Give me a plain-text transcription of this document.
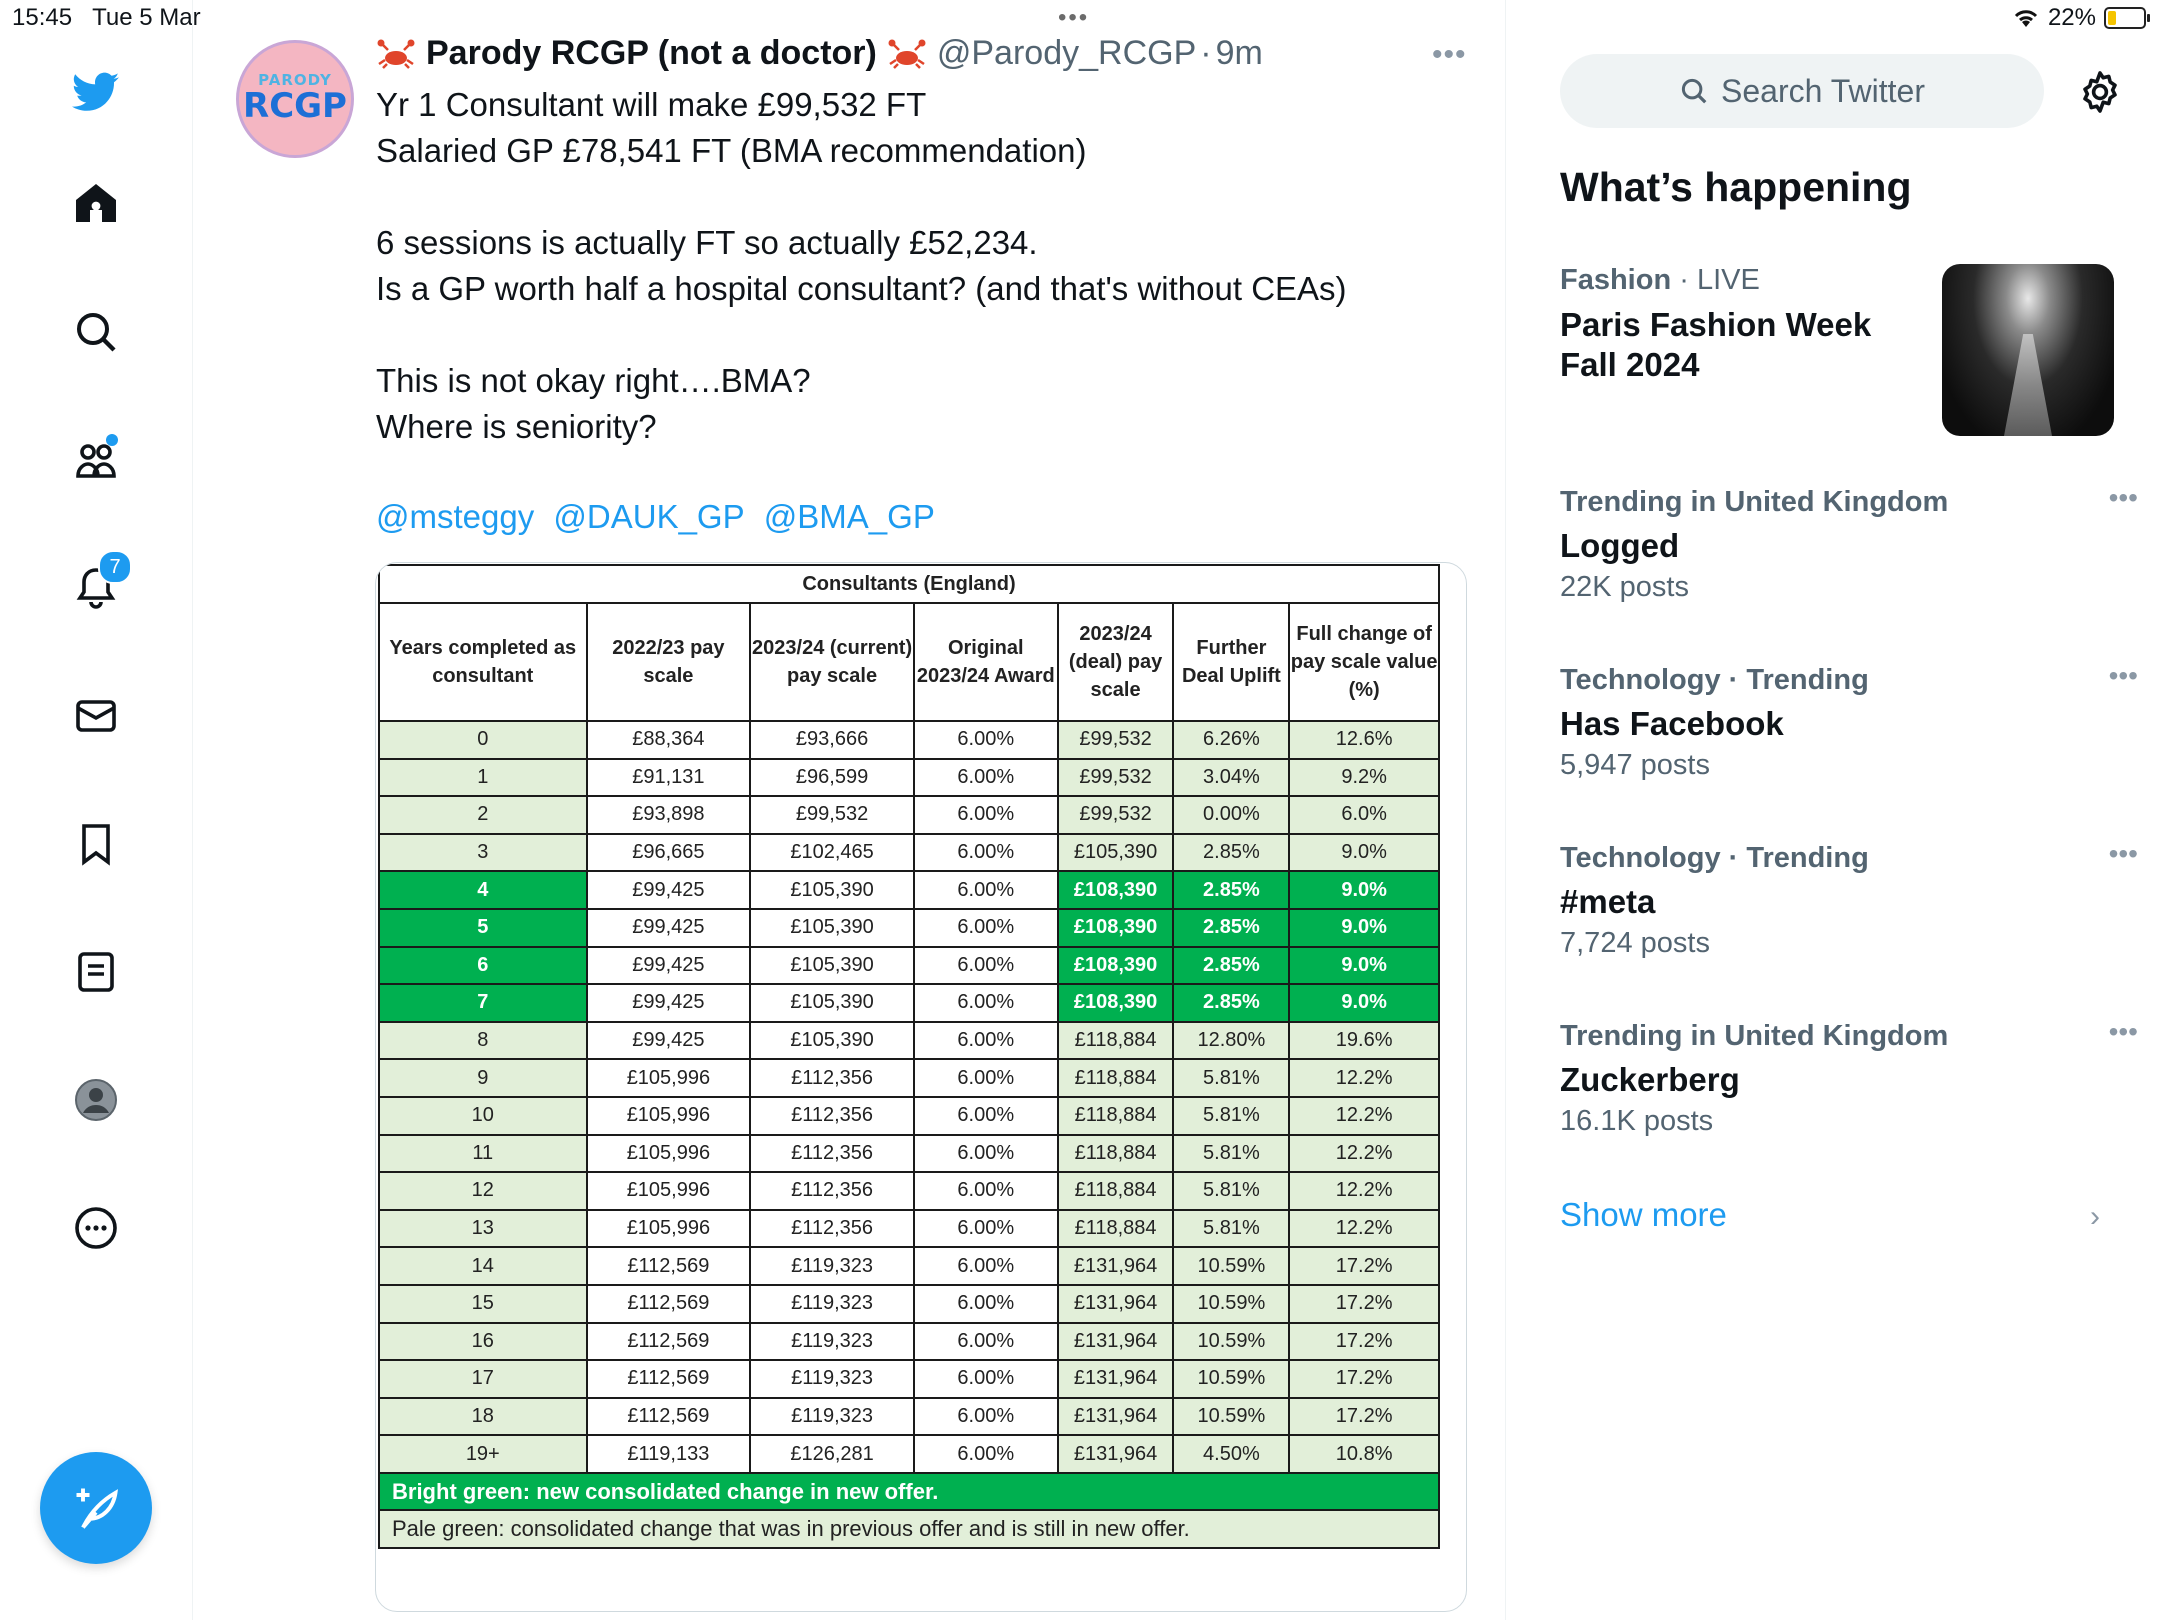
15:45 Tue 5 Mar	•••	22%
7
PARODY
RCGP
Parody RCGP (not a doctor) @Parody_RCGP · 9m	•••
Yr 1 Consultant will make £99,532 FT
Salaried GP £78,541 FT (BMA recommendation)

6 sessions is actually FT so actually £52,234.
Is a GP worth half a hospital consultant? (and that's without CEAs)

This is not okay right….BMA?
Where is seniority?
@msteggy @DAUK_GP @BMA_GP
Consultants (England)						
Years completed as consultant	2022/23 pay scale	2023/24 (current) pay scale	Original 2023/24 Award	2023/24 (deal) pay scale	Further Deal Uplift	Full change of pay scale value (%)
0	£88,364	£93,666	6.00%	£99,532	6.26%	12.6%
1	£91,131	£96,599	6.00%	£99,532	3.04%	9.2%
2	£93,898	£99,532	6.00%	£99,532	0.00%	6.0%
3	£96,665	£102,465	6.00%	£105,390	2.85%	9.0%
4	£99,425	£105,390	6.00%	£108,390	2.85%	9.0%
5	£99,425	£105,390	6.00%	£108,390	2.85%	9.0%
6	£99,425	£105,390	6.00%	£108,390	2.85%	9.0%
7	£99,425	£105,390	6.00%	£108,390	2.85%	9.0%
8	£99,425	£105,390	6.00%	£118,884	12.80%	19.6%
9	£105,996	£112,356	6.00%	£118,884	5.81%	12.2%
10	£105,996	£112,356	6.00%	£118,884	5.81%	12.2%
11	£105,996	£112,356	6.00%	£118,884	5.81%	12.2%
12	£105,996	£112,356	6.00%	£118,884	5.81%	12.2%
13	£105,996	£112,356	6.00%	£118,884	5.81%	12.2%
14	£112,569	£119,323	6.00%	£131,964	10.59%	17.2%
15	£112,569	£119,323	6.00%	£131,964	10.59%	17.2%
16	£112,569	£119,323	6.00%	£131,964	10.59%	17.2%
17	£112,569	£119,323	6.00%	£131,964	10.59%	17.2%
18	£112,569	£119,323	6.00%	£131,964	10.59%	17.2%
19+	£119,133	£126,281	6.00%	£131,964	4.50%	10.8%
Bright green: new consolidated change in new offer.						
Pale green: consolidated change that was in previous offer and is still in new offer.						
Search Twitter
What’s happening
Fashion · LIVE
Paris Fashion Week Fall 2024
Trending in United Kingdom
Logged
22K posts
•••
Technology · Trending
Has Facebook
5,947 posts
•••
Technology · Trending
#meta
7,724 posts
•••
Trending in United Kingdom
Zuckerberg
16.1K posts
•••
Show more	›
